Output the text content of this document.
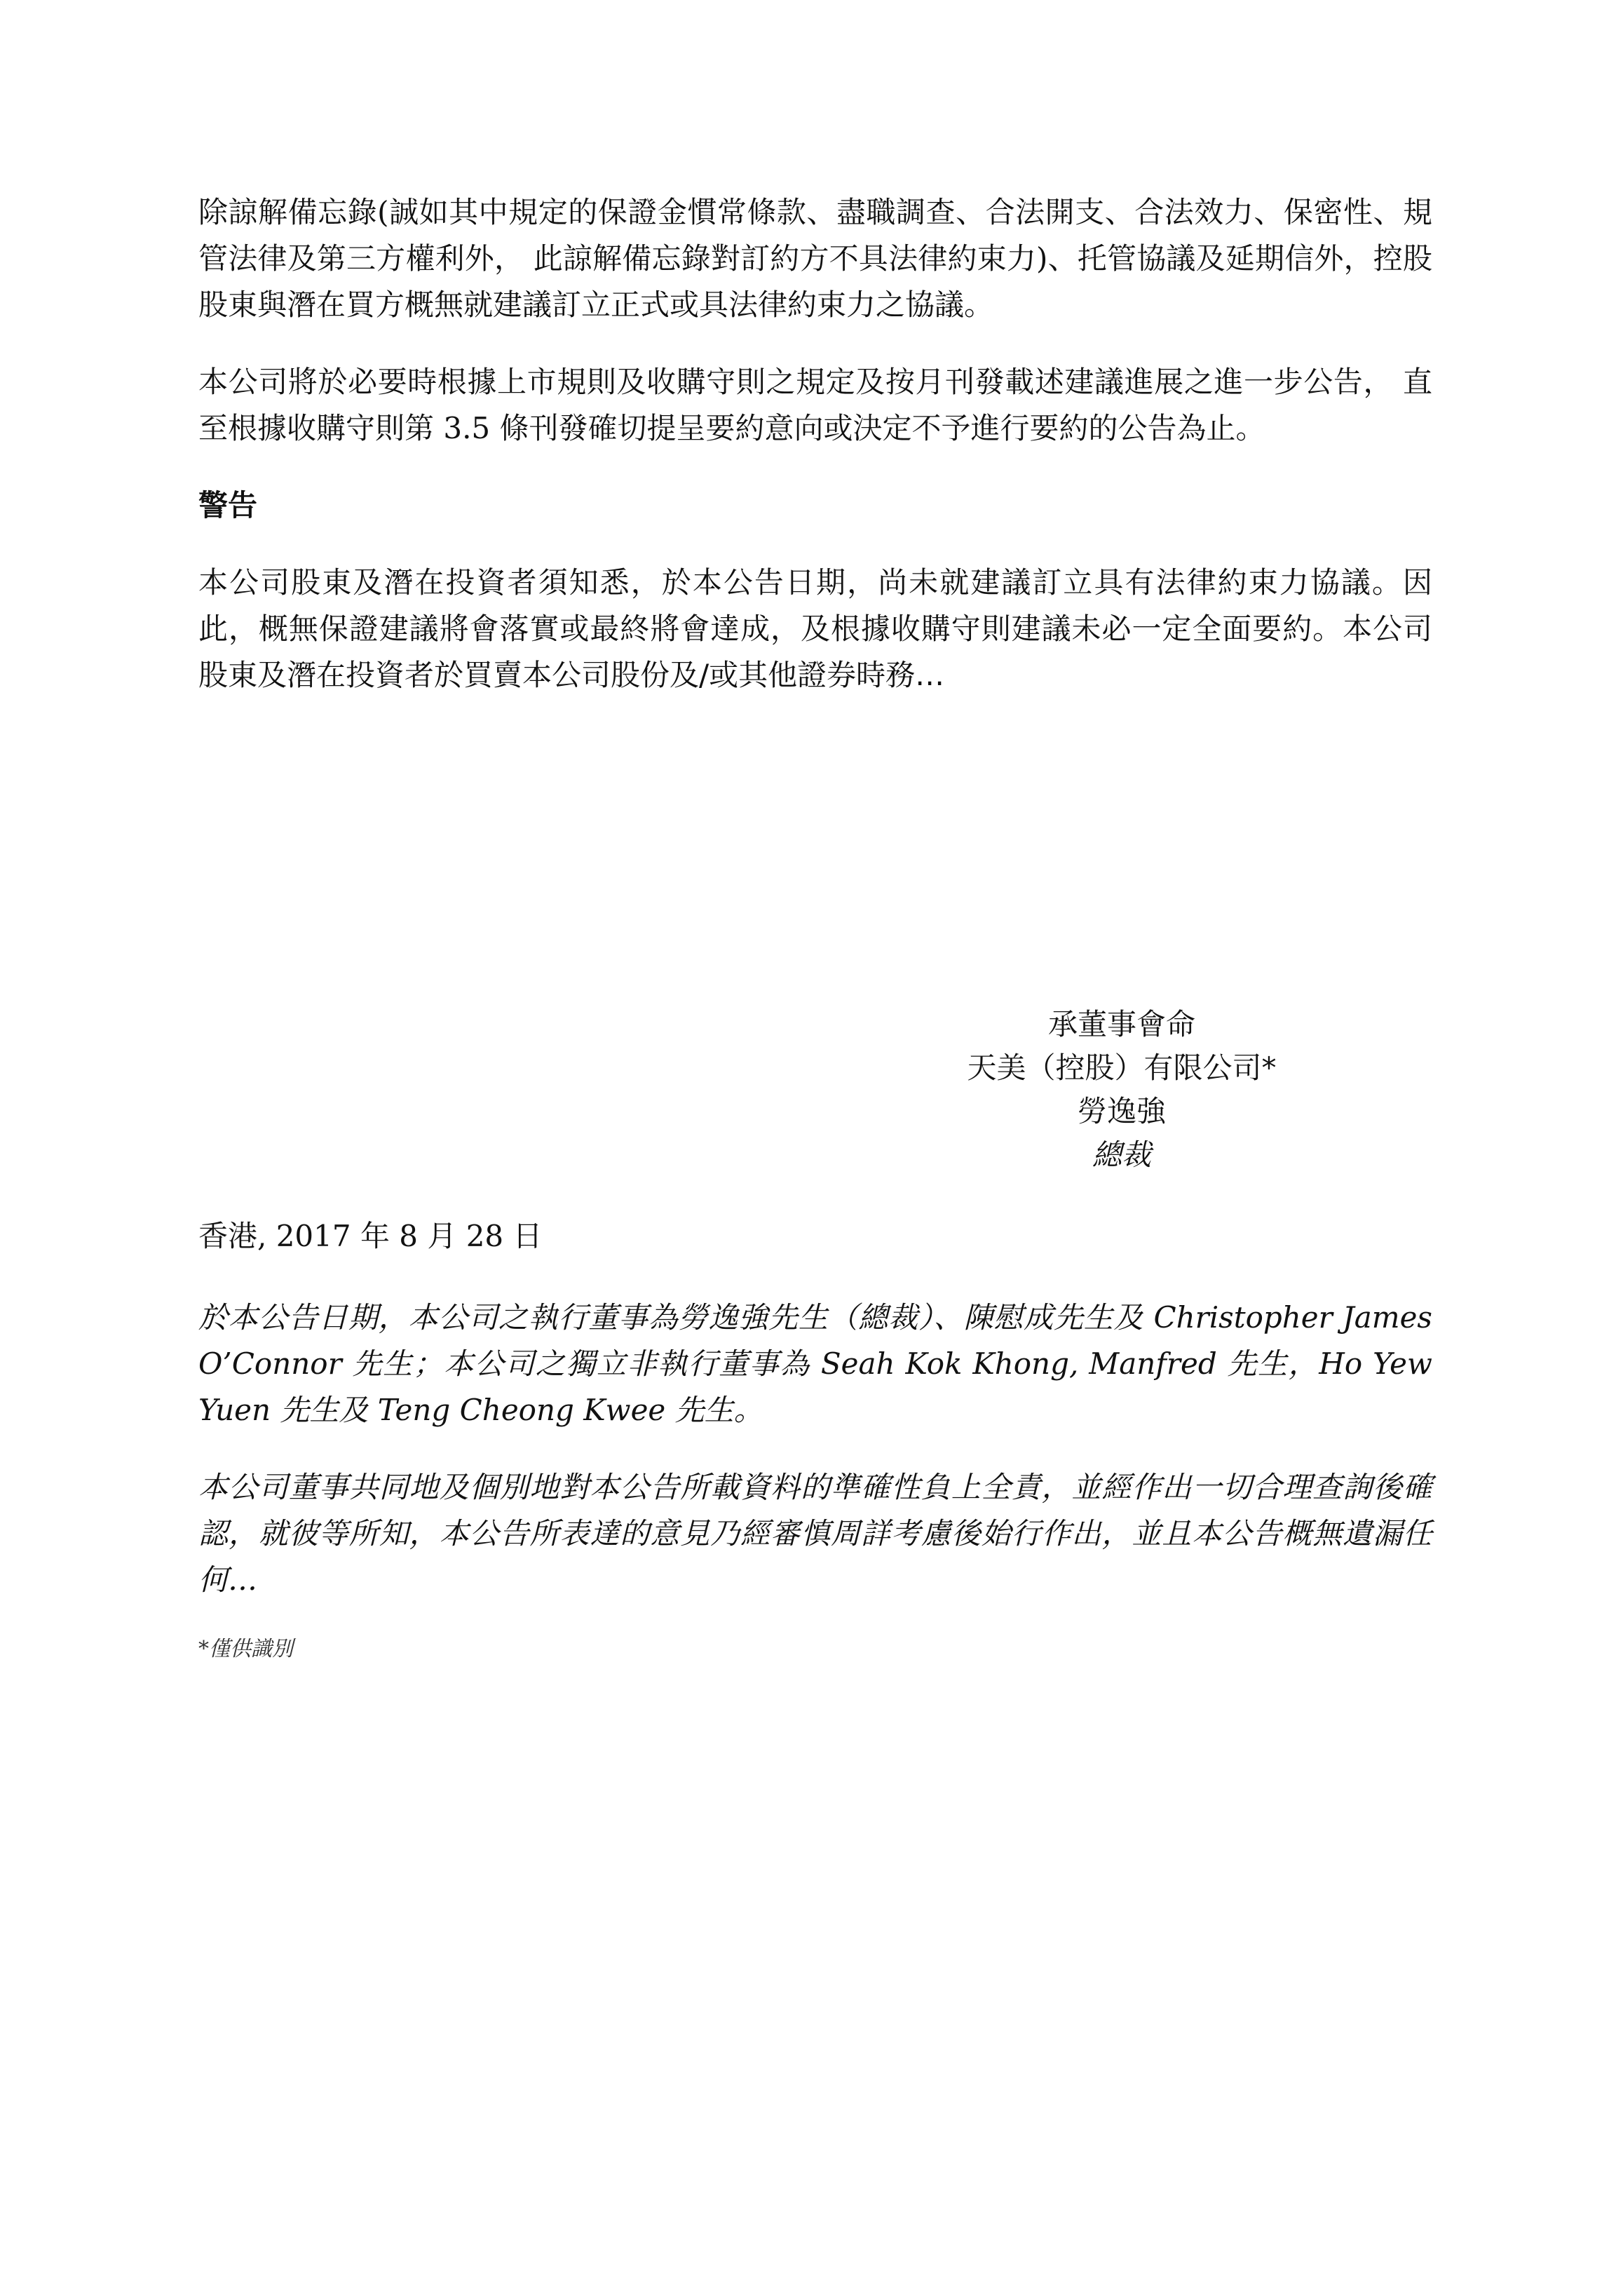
除諒解備忘錄(誠如其中規定的保證金慣常條款、盡職調查、合法開支、合法效力、保密性、規管法律及第三方權利外， 此諒解備忘錄對訂約方不具法律約束力)、托管協議及延期信外，控股股東與潛在買方概無就建議訂立正式或具法律約束力之協議。

本公司將於必要時根據上市規則及收購守則之規定及按月刊發載述建議進展之進一步公告， 直至根據收購守則第 3.5 條刊發確切提呈要約意向或決定不予進行要約的公告為止。

警告

本公司股東及潛在投資者須知悉，於本公告日期，尚未就建議訂立具有法律約束力協議。因此，概無保證建議將會落實或最終將會達成，及根據收購守則建議未必一定全面要約。本公司股東及潛在投資者於買賣本公司股份及/或其他證券時務…

承董事會命
天美（控股）有限公司*
勞逸強
總裁

香港, 2017 年 8 月 28 日

於本公告日期，本公司之執行董事為勞逸強先生（總裁）、陳慰成先生及 Christopher James O’Connor 先生；本公司之獨立非執行董事為 Seah Kok Khong, Manfred 先生，Ho Yew Yuen 先生及 Teng Cheong Kwee 先生。

本公司董事共同地及個別地對本公告所載資料的準確性負上全責，並經作出一切合理查詢後確認，就彼等所知，本公告所表達的意見乃經審慎周詳考慮後始行作出，並且本公告概無遺漏任何…

*僅供識別
